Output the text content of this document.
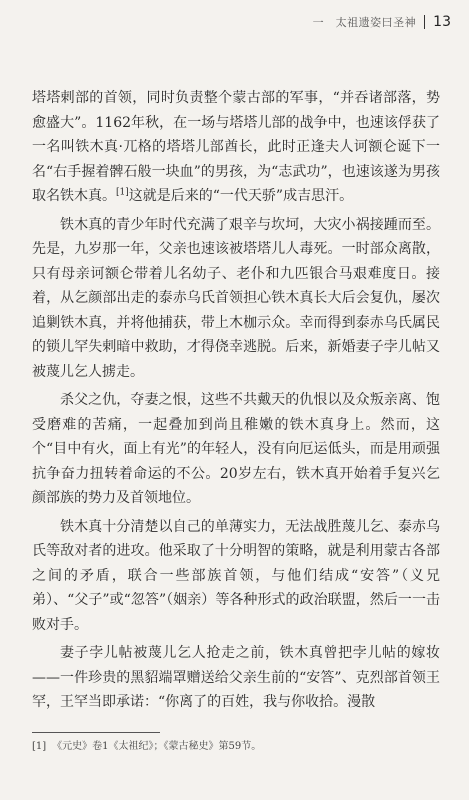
一　太祖遗姿曰圣神 13

塔塔剌部的首领，同时负责整个蒙古部的军事，“并吞诸部落，势愈盛大”。1162年秋，在一场与塔塔儿部的战争中，也速该俘获了一名叫铁木真·兀格的塔塔儿部酋长，此时正逢夫人诃额仑诞下一名“右手握着髀石般一块血”的男孩，为“志武功”，也速该遂为男孩取名铁木真。[1]这就是后来的“一代天骄”成吉思汗。

铁木真的青少年时代充满了艰辛与坎坷，大灾小祸接踵而至。先是，九岁那一年，父亲也速该被塔塔儿人毒死。一时部众离散，只有母亲诃额仑带着儿名幼子、老仆和九匹银合马艰难度日。接着，从乞颜部出走的泰赤乌氏首领担心铁木真长大后会复仇，屡次追剿铁木真，并将他捕获，带上木枷示众。幸而得到泰赤乌氏属民的锁儿罕失剌暗中救助，才得侥幸逃脱。后来，新婚妻子孛儿帖又被蔑儿乞人掳走。

杀父之仇，夺妻之恨，这些不共戴天的仇恨以及众叛亲离、饱受磨难的苦痛，一起叠加到尚且稚嫩的铁木真身上。然而，这个“目中有火，面上有光”的年轻人，没有向厄运低头，而是用顽强抗争奋力扭转着命运的不公。20岁左右，铁木真开始着手复兴乞颜部族的势力及首领地位。

铁木真十分清楚以自己的单薄实力，无法战胜蔑儿乞、泰赤乌氏等敌对者的进攻。他采取了十分明智的策略，就是利用蒙古各部之间的矛盾，联合一些部族首领，与他们结成“安答”（义兄弟）、“父子”或“忽答”（姻亲）等各种形式的政治联盟，然后一一击败对手。

妻子孛儿帖被蔑儿乞人抢走之前，铁木真曾把孛儿帖的嫁妆——一件珍贵的黑貂端罩赠送给父亲生前的“安答”、克烈部首领王罕，王罕当即承诺：“你离了的百姓，我与你收拾。漫散

[1] 《元史》卷1《太祖纪》；《蒙古秘史》第59节。
